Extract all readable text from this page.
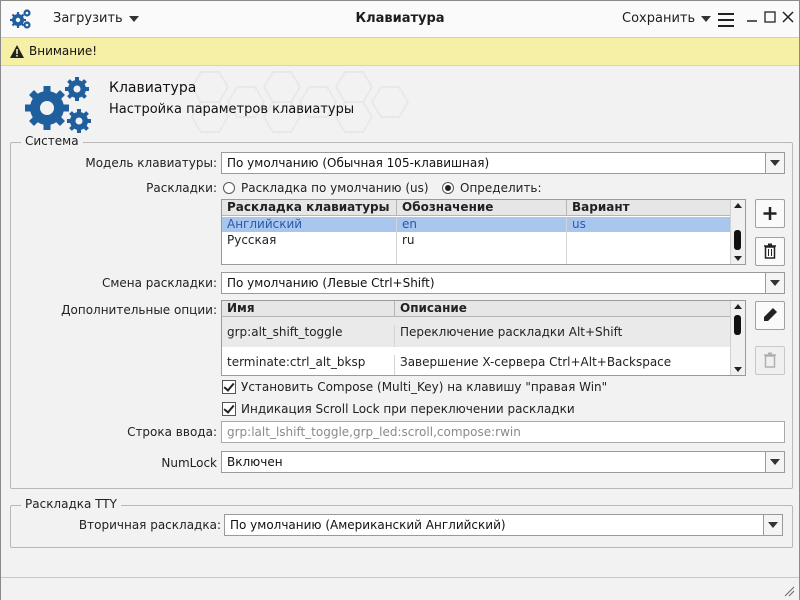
Загрузить	Клавиатура	Сохранить
Внимание!
Клавиатура
Настройка параметров клавиатуры
Система
Модель клавиатуры: По умолчанию (Обычная 105-клавишная)
Раскладки: Раскладка по умолчанию (us)	Определить:
Раскладка клавиатуры	Обозначение	Вариант
Английский	en	us
Русская	ru
Смена раскладки: По умолчанию (Левые Ctrl+Shift)
Дополнительные опции: Имя	Описание
grp:alt_shift_toggle	Переключение раскладки Alt+Shift
terminate:ctrl_alt_bksp	Завершение X-сервера Ctrl+Alt+Backspace
Установить Compose (Multi_Key) на клавишу "правая Win"
Индикация Scroll Lock при переключении раскладки
Строка ввода: grp:lalt_lshift_toggle,grp_led:scroll,compose:rwin
NumLock Включен
Раскладка TTY
Вторичная раскладка: По умолчанию (Американский Английский)
